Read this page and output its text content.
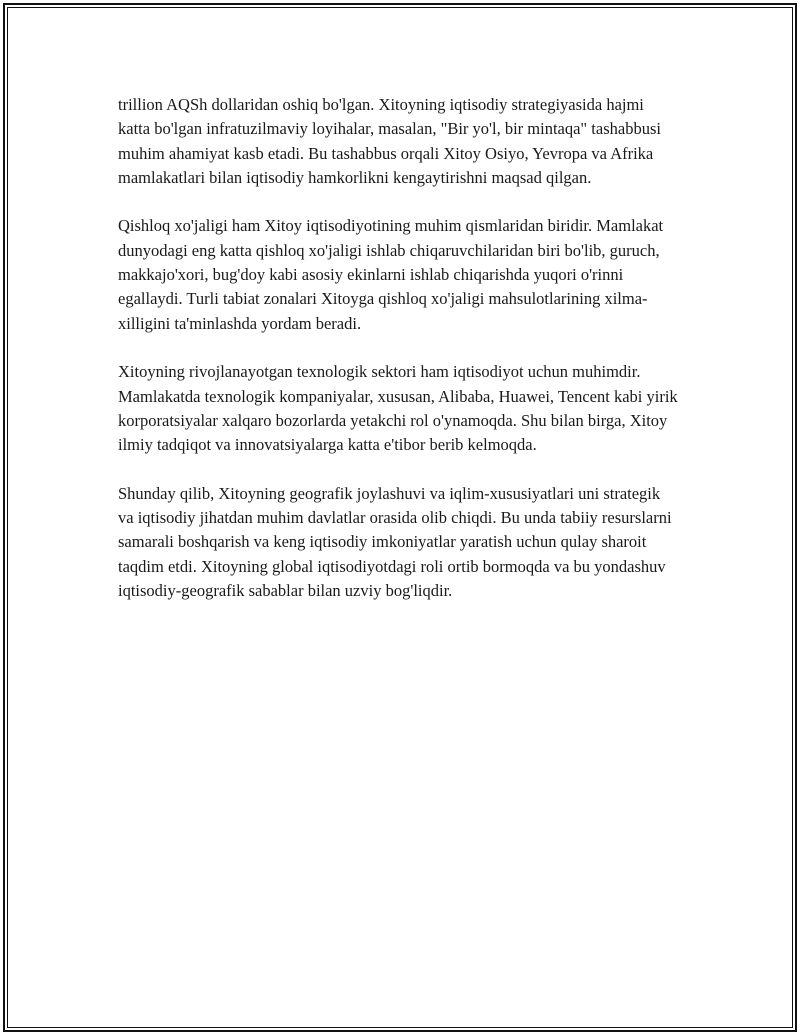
trillion AQSh dollaridan oshiq bo'lgan. Xitoyning iqtisodiy strategiyasida hajmi katta bo'lgan infratuzilmaviy loyihalar, masalan, "Bir yo'l, bir mintaqa" tashabbusi muhim ahamiyat kasb etadi. Bu tashabbus orqali Xitoy Osiyo, Yevropa va Afrika mamlakatlari bilan iqtisodiy hamkorlikni kengaytirishni maqsad qilgan.

Qishloq xo'jaligi ham Xitoy iqtisodiyotining muhim qismlaridan biridir. Mamlakat dunyodagi eng katta qishloq xo'jaligi ishlab chiqaruvchilaridan biri bo'lib, guruch, makkajo'xori, bug'doy kabi asosiy ekinlarni ishlab chiqarishda yuqori o'rinni egallaydi. Turli tabiat zonalari Xitoyga qishloq xo'jaligi mahsulotlarining xilma-xilligini ta'minlashda yordam beradi.

Xitoyning rivojlanayotgan texnologik sektori ham iqtisodiyot uchun muhimdir. Mamlakatda texnologik kompaniyalar, xususan, Alibaba, Huawei, Tencent kabi yirik korporatsiyalar xalqaro bozorlarda yetakchi rol o'ynamoqda. Shu bilan birga, Xitoy ilmiy tadqiqot va innovatsiyalarga katta e'tibor berib kelmoqda.

Shunday qilib, Xitoyning geografik joylashuvi va iqlim-xususiyatlari uni strategik va iqtisodiy jihatdan muhim davlatlar orasida olib chiqdi. Bu unda tabiiy resurslarni samarali boshqarish va keng iqtisodiy imkoniyatlar yaratish uchun qulay sharoit taqdim etdi. Xitoyning global iqtisodiyotdagi roli ortib bormoqda va bu yondashuv iqtisodiy-geografik sabablar bilan uzviy bog'liqdir.
